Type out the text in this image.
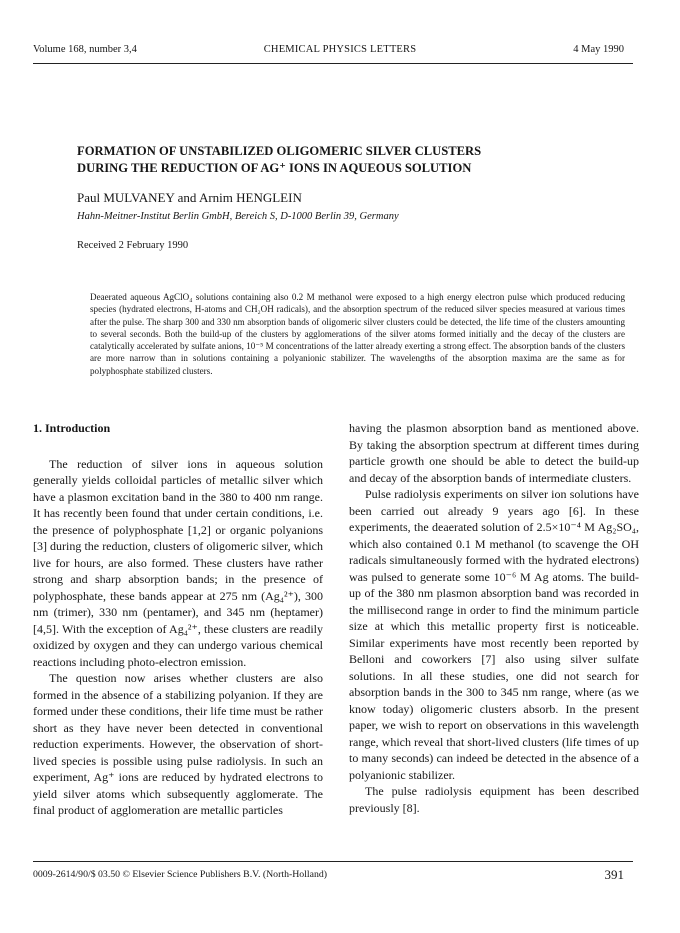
Volume 168, number 3,4	CHEMICAL PHYSICS LETTERS	4 May 1990
FORMATION OF UNSTABILIZED OLIGOMERIC SILVER CLUSTERS
DURING THE REDUCTION OF AG⁺ IONS IN AQUEOUS SOLUTION
Paul MULVANEY and Arnim HENGLEIN
Hahn-Meitner-Institut Berlin GmbH, Bereich S, D-1000 Berlin 39, Germany
Received 2 February 1990
Deaerated aqueous AgClO₄ solutions containing also 0.2 M methanol were exposed to a high energy electron pulse which produced reducing species (hydrated electrons, H-atoms and CH₂OH radicals), and the absorption spectrum of the reduced silver species measured at various times after the pulse. The sharp 300 and 330 nm absorption bands of oligomeric silver clusters could be detected, the life time of the clusters amounting to several seconds. Both the build-up of the clusters by agglomerations of the silver atoms formed initially and the decay of the clusters are catalytically accelerated by sulfate anions, 10⁻⁵ M concentrations of the latter already exerting a strong effect. The absorption bands of the clusters are more narrow than in solutions containing a polyanionic stabilizer. The wavelengths of the absorption maxima are the same as for polyphosphate stabilized clusters.
1. Introduction

The reduction of silver ions in aqueous solution generally yields colloidal particles of metallic silver which have a plasmon excitation band in the 380 to 400 nm range. It has recently been found that under certain conditions, i.e. the presence of polyphosphate [1,2] or organic polyanions [3] during the reduction, clusters of oligomeric silver, which live for hours, are also formed. These clusters have rather strong and sharp absorption bands; in the presence of polyphosphate, these bands appear at 275 nm (Ag₄²⁺), 300 nm (trimer), 330 nm (pentamer), and 345 nm (heptamer) [4,5]. With the exception of Ag₄²⁺, these clusters are readily oxidized by oxygen and they can undergo various chemical reactions including photo-electron emission.

The question now arises whether clusters are also formed in the absence of a stabilizing polyanion. If they are formed under these conditions, their life time must be rather short as they have never been detected in conventional reduction experiments. However, the observation of short-lived species is possible using pulse radiolysis. In such an experiment, Ag⁺ ions are reduced by hydrated electrons to yield silver atoms which subsequently agglomerate. The final product of agglomeration are metallic particles

having the plasmon absorption band as mentioned above. By taking the absorption spectrum at different times during particle growth one should be able to detect the build-up and decay of the absorption bands of intermediate clusters.

Pulse radiolysis experiments on silver ion solutions have been carried out already 9 years ago [6]. In these experiments, the deaerated solution of 2.5×10⁻⁴ M Ag₂SO₄, which also contained 0.1 M methanol (to scavenge the OH radicals simultaneously formed with the hydrated electrons) was pulsed to generate some 10⁻⁶ M Ag atoms. The build-up of the 380 nm plasmon absorption band was recorded in the millisecond range in order to find the minimum particle size at which this metallic property first is noticeable. Similar experiments have most recently been reported by Belloni and coworkers [7] also using silver sulfate solutions. In all these studies, one did not search for absorption bands in the 300 to 345 nm range, where (as we know today) oligomeric clusters absorb. In the present paper, we wish to report on observations in this wavelength range, which reveal that short-lived clusters (life times of up to many seconds) can indeed be detected in the absence of a polyanionic stabilizer.

The pulse radiolysis equipment has been described previously [8].

0009-2614/90/$ 03.50 © Elsevier Science Publishers B.V. (North-Holland)	391
